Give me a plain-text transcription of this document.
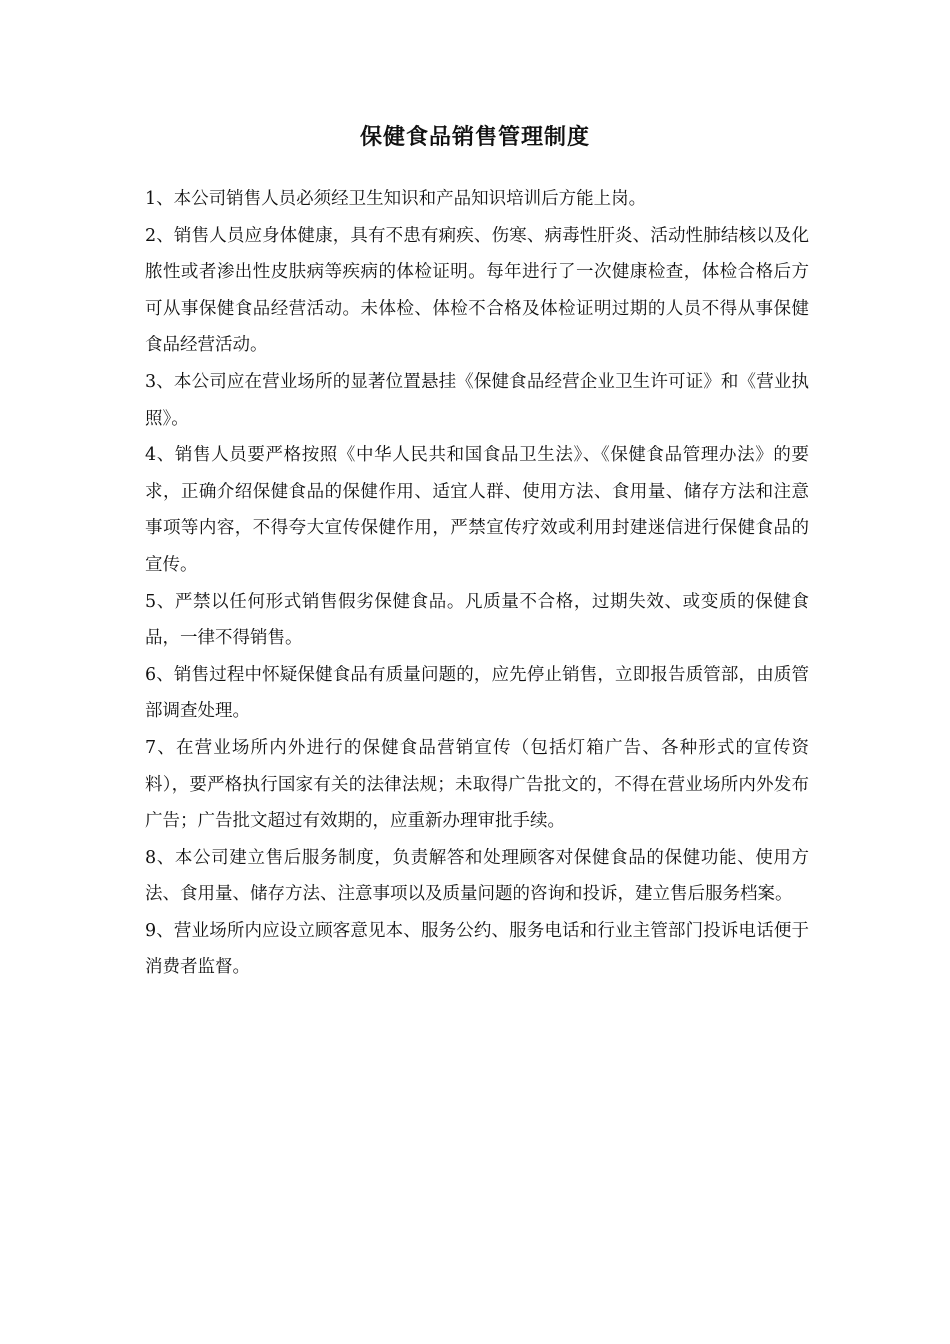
保健食品销售管理制度

1、本公司销售人员必须经卫生知识和产品知识培训后方能上岗。

2、销售人员应身体健康，具有不患有痢疾、伤寒、病毒性肝炎、活动性肺结核以及化脓性或者渗出性皮肤病等疾病的体检证明。每年进行了一次健康检查，体检合格后方可从事保健食品经营活动。未体检、体检不合格及体检证明过期的人员不得从事保健食品经营活动。

3、本公司应在营业场所的显著位置悬挂《保健食品经营企业卫生许可证》和《营业执照》。

4、销售人员要严格按照《中华人民共和国食品卫生法》、《保健食品管理办法》的要求，正确介绍保健食品的保健作用、适宜人群、使用方法、食用量、储存方法和注意事项等内容，不得夸大宣传保健作用，严禁宣传疗效或利用封建迷信进行保健食品的宣传。

5、严禁以任何形式销售假劣保健食品。凡质量不合格，过期失效、或变质的保健食品，一律不得销售。

6、销售过程中怀疑保健食品有质量问题的，应先停止销售，立即报告质管部，由质管部调查处理。

7、在营业场所内外进行的保健食品营销宣传（包括灯箱广告、各种形式的宣传资料），要严格执行国家有关的法律法规；未取得广告批文的，不得在营业场所内外发布广告；广告批文超过有效期的，应重新办理审批手续。

8、本公司建立售后服务制度，负责解答和处理顾客对保健食品的保健功能、使用方法、食用量、储存方法、注意事项以及质量问题的咨询和投诉，建立售后服务档案。

9、营业场所内应设立顾客意见本、服务公约、服务电话和行业主管部门投诉电话便于消费者监督。
